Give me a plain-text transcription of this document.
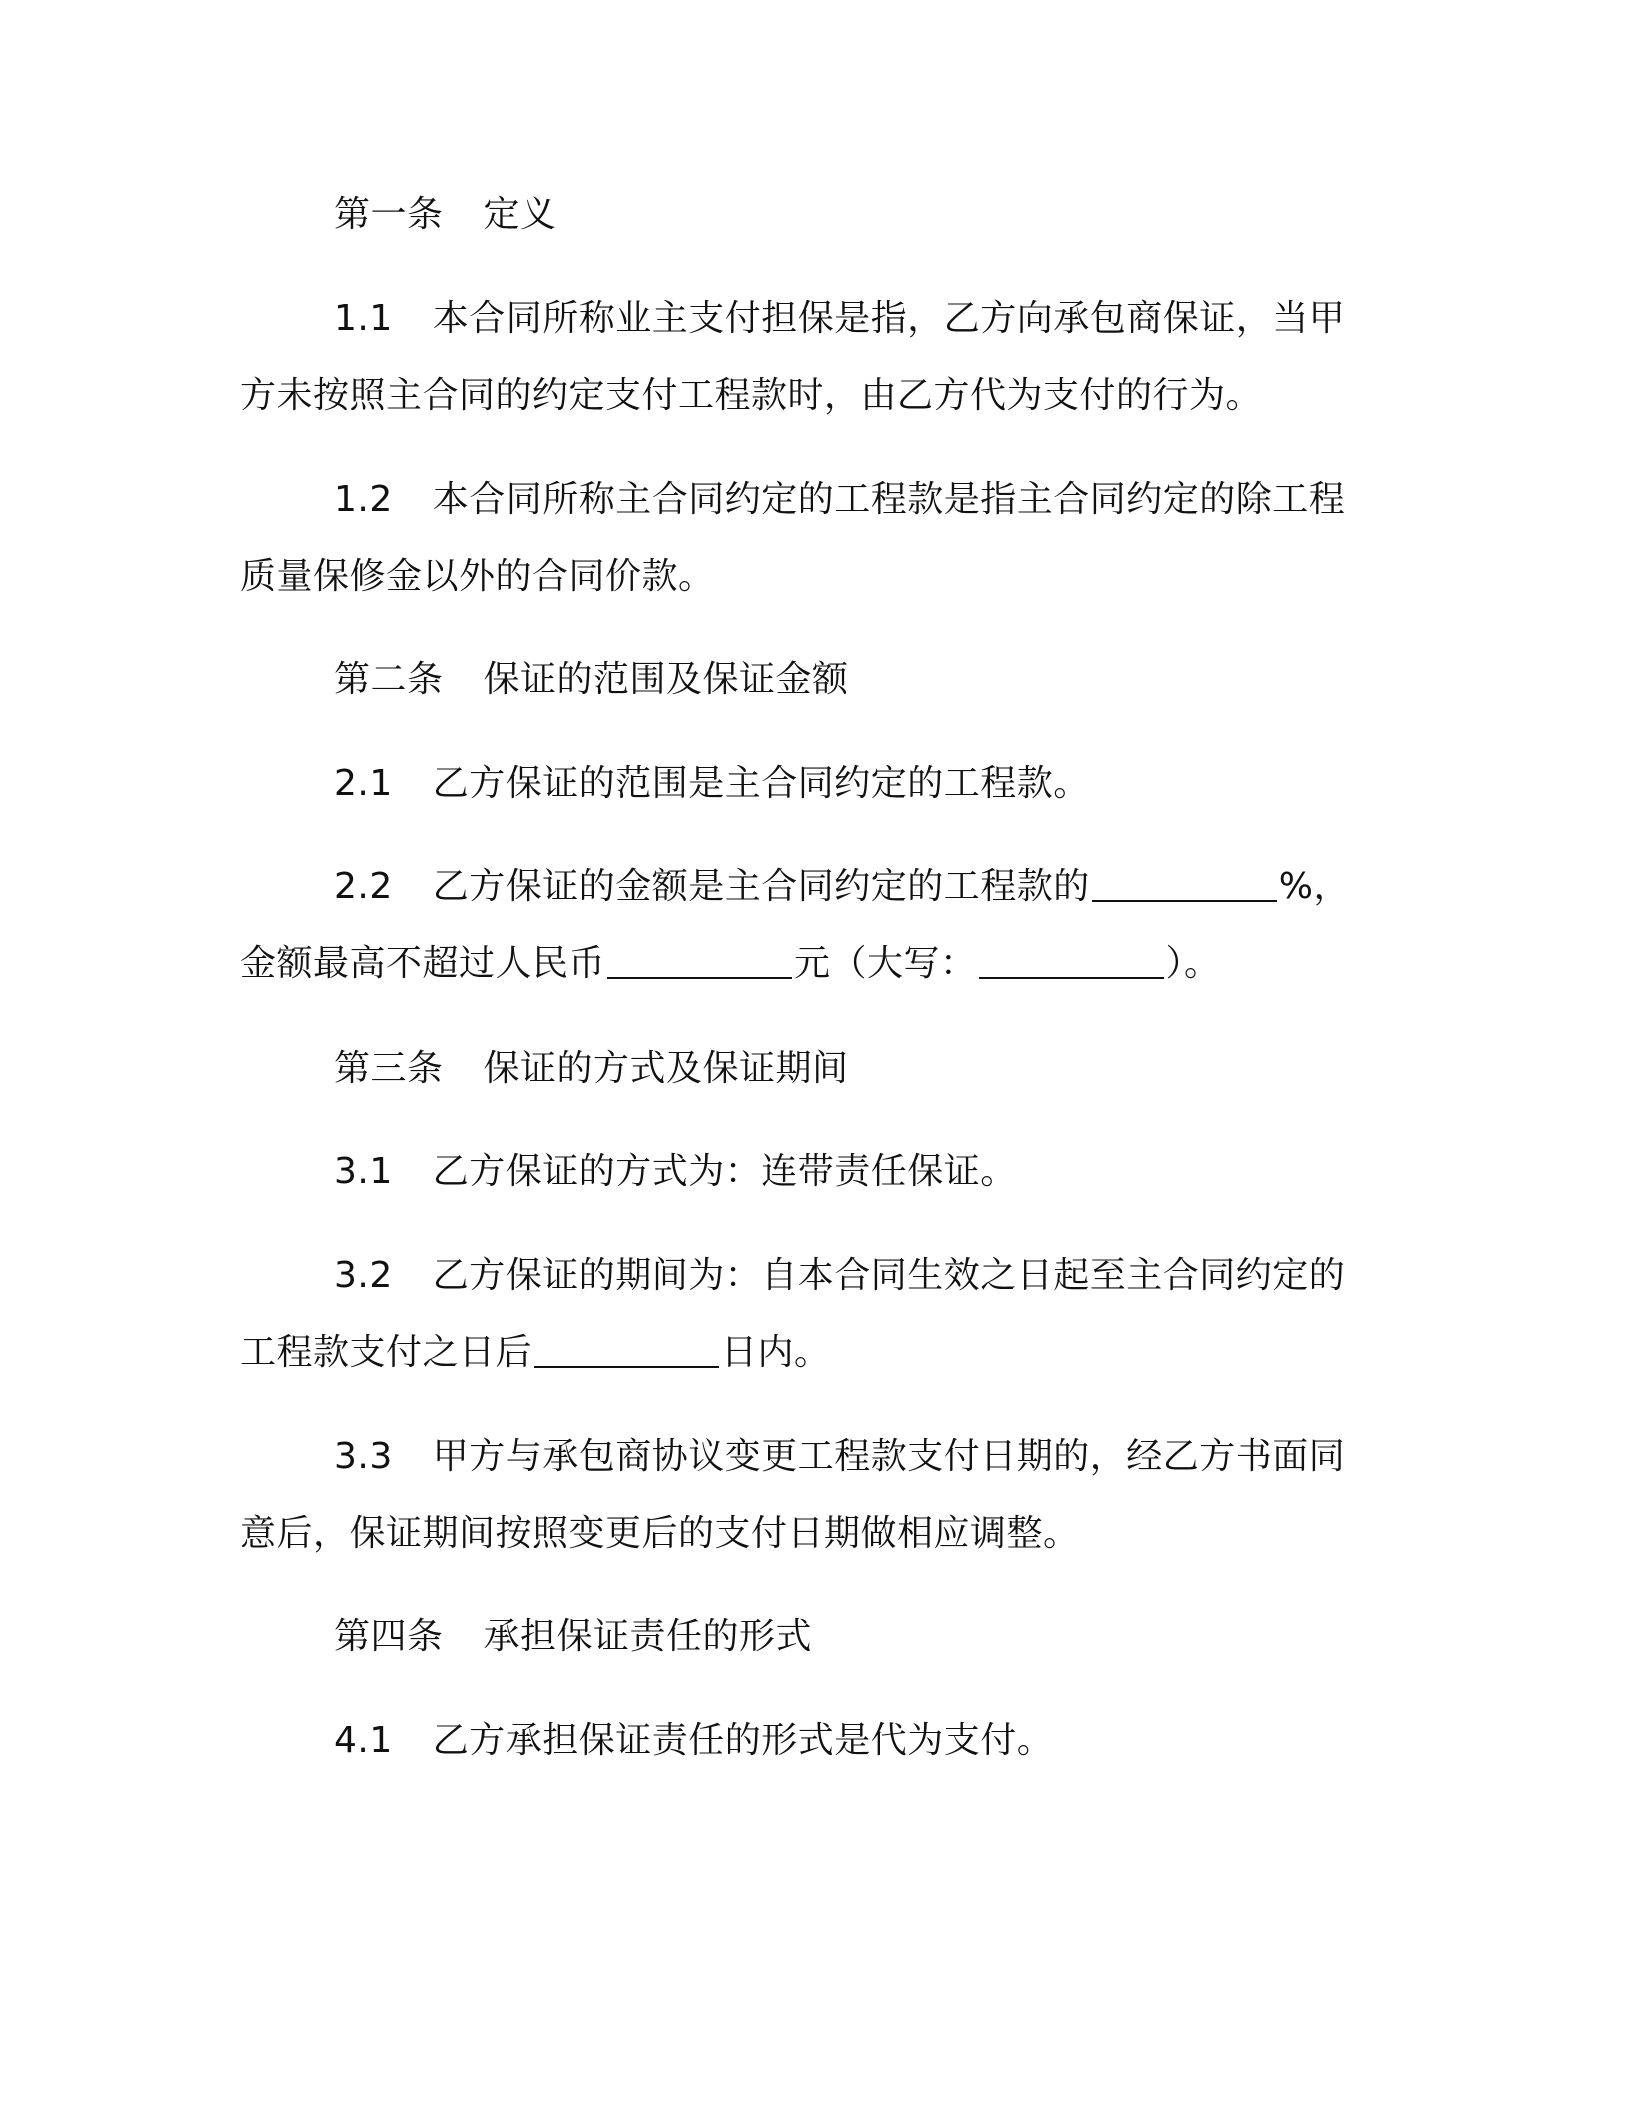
第一条 定义
1.1 本合同所称业主支付担保是指，乙方向承包商保证，当甲
方未按照主合同的约定支付工程款时，由乙方代为支付的行为。
1.2 本合同所称主合同约定的工程款是指主合同约定的除工程
质量保修金以外的合同价款。
第二条 保证的范围及保证金额
2.1 乙方保证的范围是主合同约定的工程款。
2.2 乙方保证的金额是主合同约定的工程款的	%，
金额最高不超过人民币	元（大写：	）。
第三条 保证的方式及保证期间
3.1 乙方保证的方式为：连带责任保证。
3.2 乙方保证的期间为：自本合同生效之日起至主合同约定的
工程款支付之日后	日内。
3.3 甲方与承包商协议变更工程款支付日期的，经乙方书面同
意后，保证期间按照变更后的支付日期做相应调整。
第四条 承担保证责任的形式
4.1 乙方承担保证责任的形式是代为支付。
